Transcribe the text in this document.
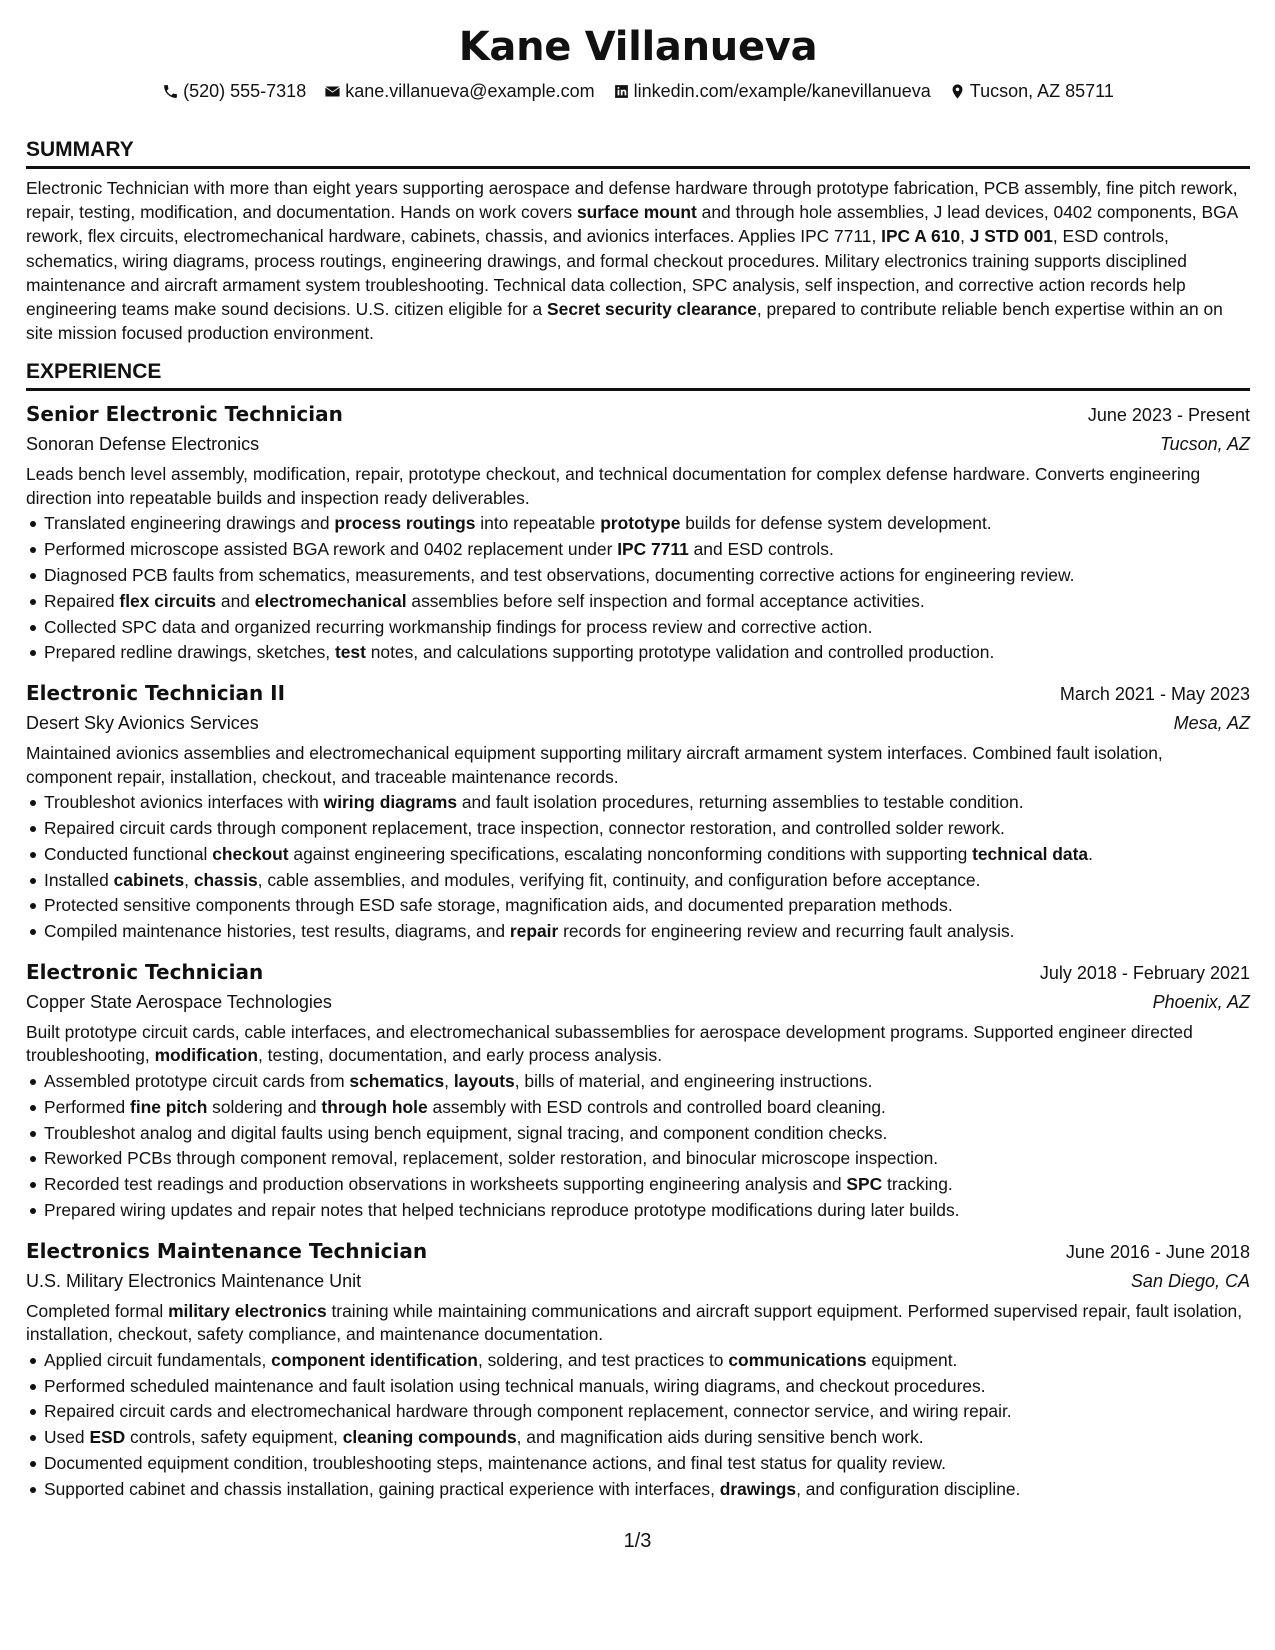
Kane Villanueva
(520) 555-7318 kane.villanueva@example.com linkedin.com/example/kanevillanueva Tucson, AZ 85711
SUMMARY
Electronic Technician with more than eight years supporting aerospace and defense hardware through prototype fabrication, PCB assembly, fine pitch rework, repair, testing, modification, and documentation. Hands on work covers surface mount and through hole assemblies, J lead devices, 0402 components, BGA rework, flex circuits, electromechanical hardware, cabinets, chassis, and avionics interfaces. Applies IPC 7711, IPC A 610, J STD 001, ESD controls, schematics, wiring diagrams, process routings, engineering drawings, and formal checkout procedures. Military electronics training supports disciplined maintenance and aircraft armament system troubleshooting. Technical data collection, SPC analysis, self inspection, and corrective action records help engineering teams make sound decisions. U.S. citizen eligible for a Secret security clearance, prepared to contribute reliable bench expertise within an on site mission focused production environment.
EXPERIENCE
Senior Electronic Technician	June 2023 - Present
Sonoran Defense Electronics	Tucson, AZ
Leads bench level assembly, modification, repair, prototype checkout, and technical documentation for complex defense hardware. Converts engineering direction into repeatable builds and inspection ready deliverables.
Translated engineering drawings and process routings into repeatable prototype builds for defense system development.
Performed microscope assisted BGA rework and 0402 replacement under IPC 7711 and ESD controls.
Diagnosed PCB faults from schematics, measurements, and test observations, documenting corrective actions for engineering review.
Repaired flex circuits and electromechanical assemblies before self inspection and formal acceptance activities.
Collected SPC data and organized recurring workmanship findings for process review and corrective action.
Prepared redline drawings, sketches, test notes, and calculations supporting prototype validation and controlled production.
Electronic Technician II	March 2021 - May 2023
Desert Sky Avionics Services	Mesa, AZ
Maintained avionics assemblies and electromechanical equipment supporting military aircraft armament system interfaces. Combined fault isolation, component repair, installation, checkout, and traceable maintenance records.
Troubleshot avionics interfaces with wiring diagrams and fault isolation procedures, returning assemblies to testable condition.
Repaired circuit cards through component replacement, trace inspection, connector restoration, and controlled solder rework.
Conducted functional checkout against engineering specifications, escalating nonconforming conditions with supporting technical data.
Installed cabinets, chassis, cable assemblies, and modules, verifying fit, continuity, and configuration before acceptance.
Protected sensitive components through ESD safe storage, magnification aids, and documented preparation methods.
Compiled maintenance histories, test results, diagrams, and repair records for engineering review and recurring fault analysis.
Electronic Technician	July 2018 - February 2021
Copper State Aerospace Technologies	Phoenix, AZ
Built prototype circuit cards, cable interfaces, and electromechanical subassemblies for aerospace development programs. Supported engineer directed troubleshooting, modification, testing, documentation, and early process analysis.
Assembled prototype circuit cards from schematics, layouts, bills of material, and engineering instructions.
Performed fine pitch soldering and through hole assembly with ESD controls and controlled board cleaning.
Troubleshot analog and digital faults using bench equipment, signal tracing, and component condition checks.
Reworked PCBs through component removal, replacement, solder restoration, and binocular microscope inspection.
Recorded test readings and production observations in worksheets supporting engineering analysis and SPC tracking.
Prepared wiring updates and repair notes that helped technicians reproduce prototype modifications during later builds.
Electronics Maintenance Technician	June 2016 - June 2018
U.S. Military Electronics Maintenance Unit	San Diego, CA
Completed formal military electronics training while maintaining communications and aircraft support equipment. Performed supervised repair, fault isolation, installation, checkout, safety compliance, and maintenance documentation.
Applied circuit fundamentals, component identification, soldering, and test practices to communications equipment.
Performed scheduled maintenance and fault isolation using technical manuals, wiring diagrams, and checkout procedures.
Repaired circuit cards and electromechanical hardware through component replacement, connector service, and wiring repair.
Used ESD controls, safety equipment, cleaning compounds, and magnification aids during sensitive bench work.
Documented equipment condition, troubleshooting steps, maintenance actions, and final test status for quality review.
Supported cabinet and chassis installation, gaining practical experience with interfaces, drawings, and configuration discipline.
1/3
